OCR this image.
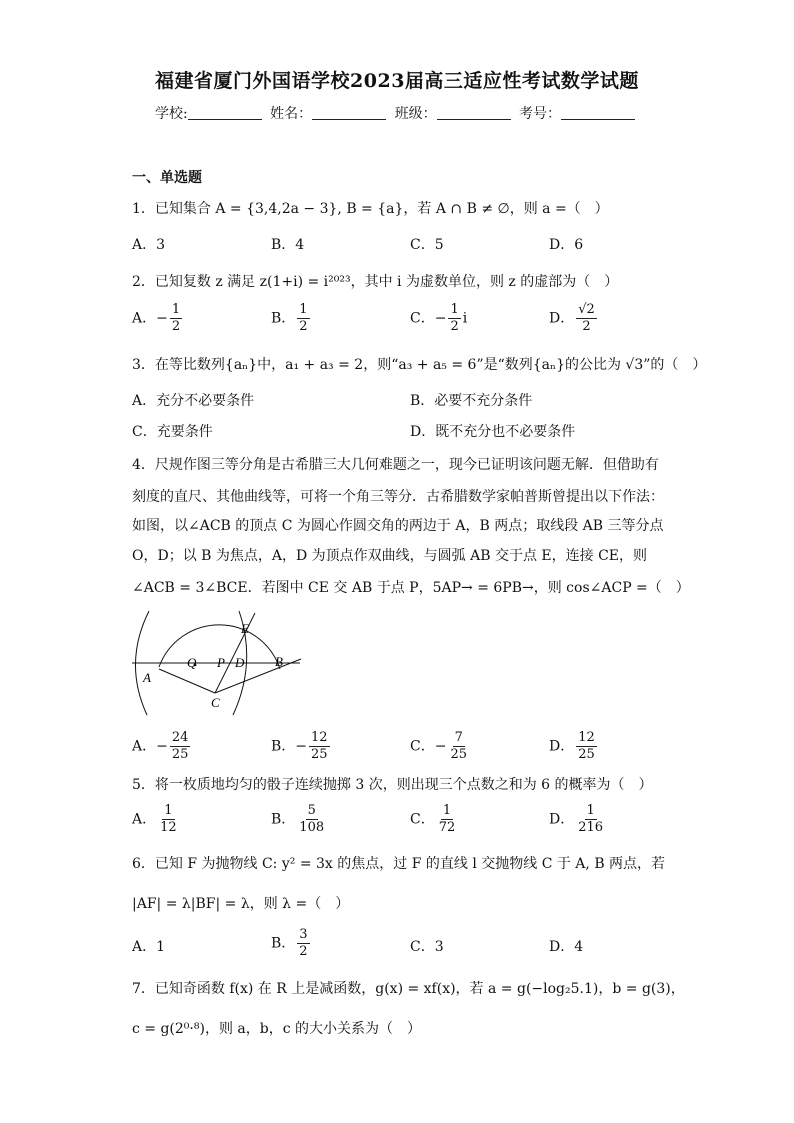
福建省厦门外国语学校2023届高三适应性考试数学试题
学校:	姓名：	班级：	考号：
一、单选题
1．已知集合 A = {3,4,2a − 3}, B = {a}，若 A ∩ B ≠ ∅，则 a =（　）
A．3	B．4	C．5	D．6
2．已知复数 z 满足 z(1+i) = i²⁰²³，其中 i 为虚数单位，则 z 的虚部为（　）
A．− $\frac{1}{2}$	B． $\frac{1}{2}$	C．− $\frac{1}{2}$ i	D． $\frac{√2}{2}$
3．在等比数列{aₙ}中，a₁ + a₃ = 2，则“a₃ + a₅ = 6”是“数列{aₙ}的公比为 √3”的（　）
A．充分不必要条件	B．必要不充分条件
C．充要条件	D．既不充分也不必要条件
4．尺规作图三等分角是古希腊三大几何难题之一，现今已证明该问题无解．但借助有
刻度的直尺、其他曲线等，可将一个角三等分．古希腊数学家帕普斯曾提出以下作法：
如图，以∠ACB 的顶点 C 为圆心作圆交角的两边于 A，B 两点；取线段 AB 三等分点
O，D；以 B 为焦点，A，D 为顶点作双曲线，与圆弧 AB 交于点 E，连接 CE，则
∠ACB = 3∠BCE．若图中 CE 交 AB 于点 P，5AP→ = 6PB→，则 cos∠ACP =（　）
E
Q P D B
A
C
A．− $\frac{24}{25}$	B．− $\frac{12}{25}$	C．− $\frac{7}{25}$	D． $\frac{12}{25}$
5．将一枚质地均匀的骰子连续抛掷 3 次，则出现三个点数之和为 6 的概率为（　）
A． $\frac{1}{12}$	B． $\frac{5}{108}$	C． $\frac{1}{72}$	D． $\frac{1}{216}$
6．已知 F 为抛物线 C: y² = 3x 的焦点，过 F 的直线 l 交抛物线 C 于 A, B 两点，若
|AF| = λ|BF| = λ，则 λ =（　）
A．1	B． $\frac{3}{2}$	C．3	D．4
7．已知奇函数 f(x) 在 R 上是减函数，g(x) = xf(x)，若 a = g(−log₂5.1)，b = g(3)，
c = g(2⁰·⁸)，则 a，b，c 的大小关系为（　）
